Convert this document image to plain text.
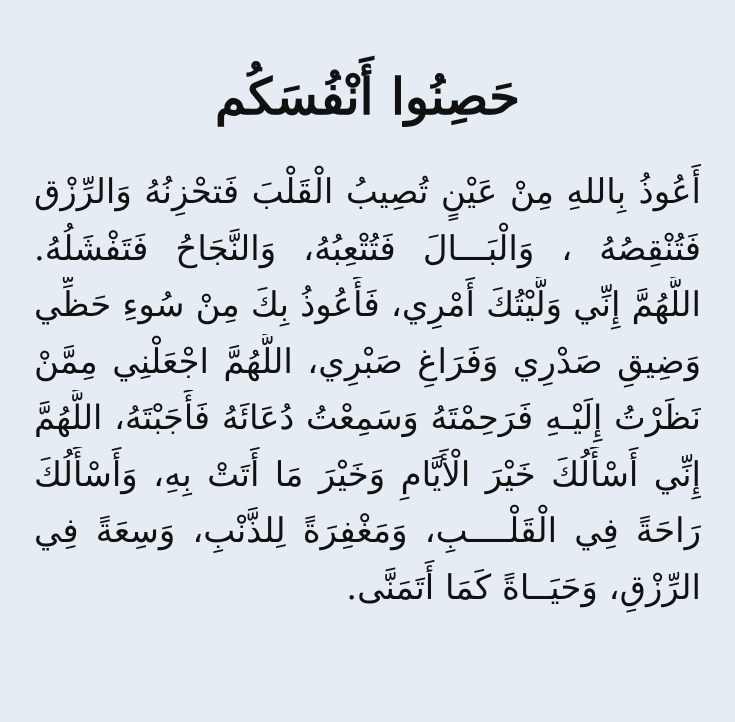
حَصِنُوا أَنْفُسَكُم
أَعُوذُ بِاللهِ مِنْ عَيْنٍ تُصِيبُ الْقَلْبَ فَتحْزِنُهُ وَالرِّزْق
فَتُنْقِصُهُ ، وَالْبَـــالَ فَتُتْعِبُهُ، وَالنَّجَاحُ فَتَفْشَلُهُ.
اللَّهُمَّ إِنِّي وَلَّيْتُكَ أَمْرِي، فَأَعُوذُ بِكَ مِنْ سُوءِ حَظِّي
وَضِيقِ صَدْرِي وَفَرَاغِ صَبْرِي، اللَّهُمَّ اجْعَلْنِي مِمَّنْ
نَظَرْتُ إِلَيْـهِ فَرَحِمْتَهُ وَسَمِعْتُ دُعَائَهُ فَأَجَبْتَهُ، اللَّهُمَّ
إِنِّي أَسْأَلُكَ خَيْرَ الْأَيَّامِ وَخَيْرَ مَا أَتَتْ بِهِ، وَأَسْأَلُكَ
رَاحَةً فِي الْقَلْــــبِ، وَمَغْفِرَةً لِلذَّنْبِ، وَسِعَةً فِي
الرِّزْقِ، وَحَيَــاةً كَمَا أَتَمَنَّى.
